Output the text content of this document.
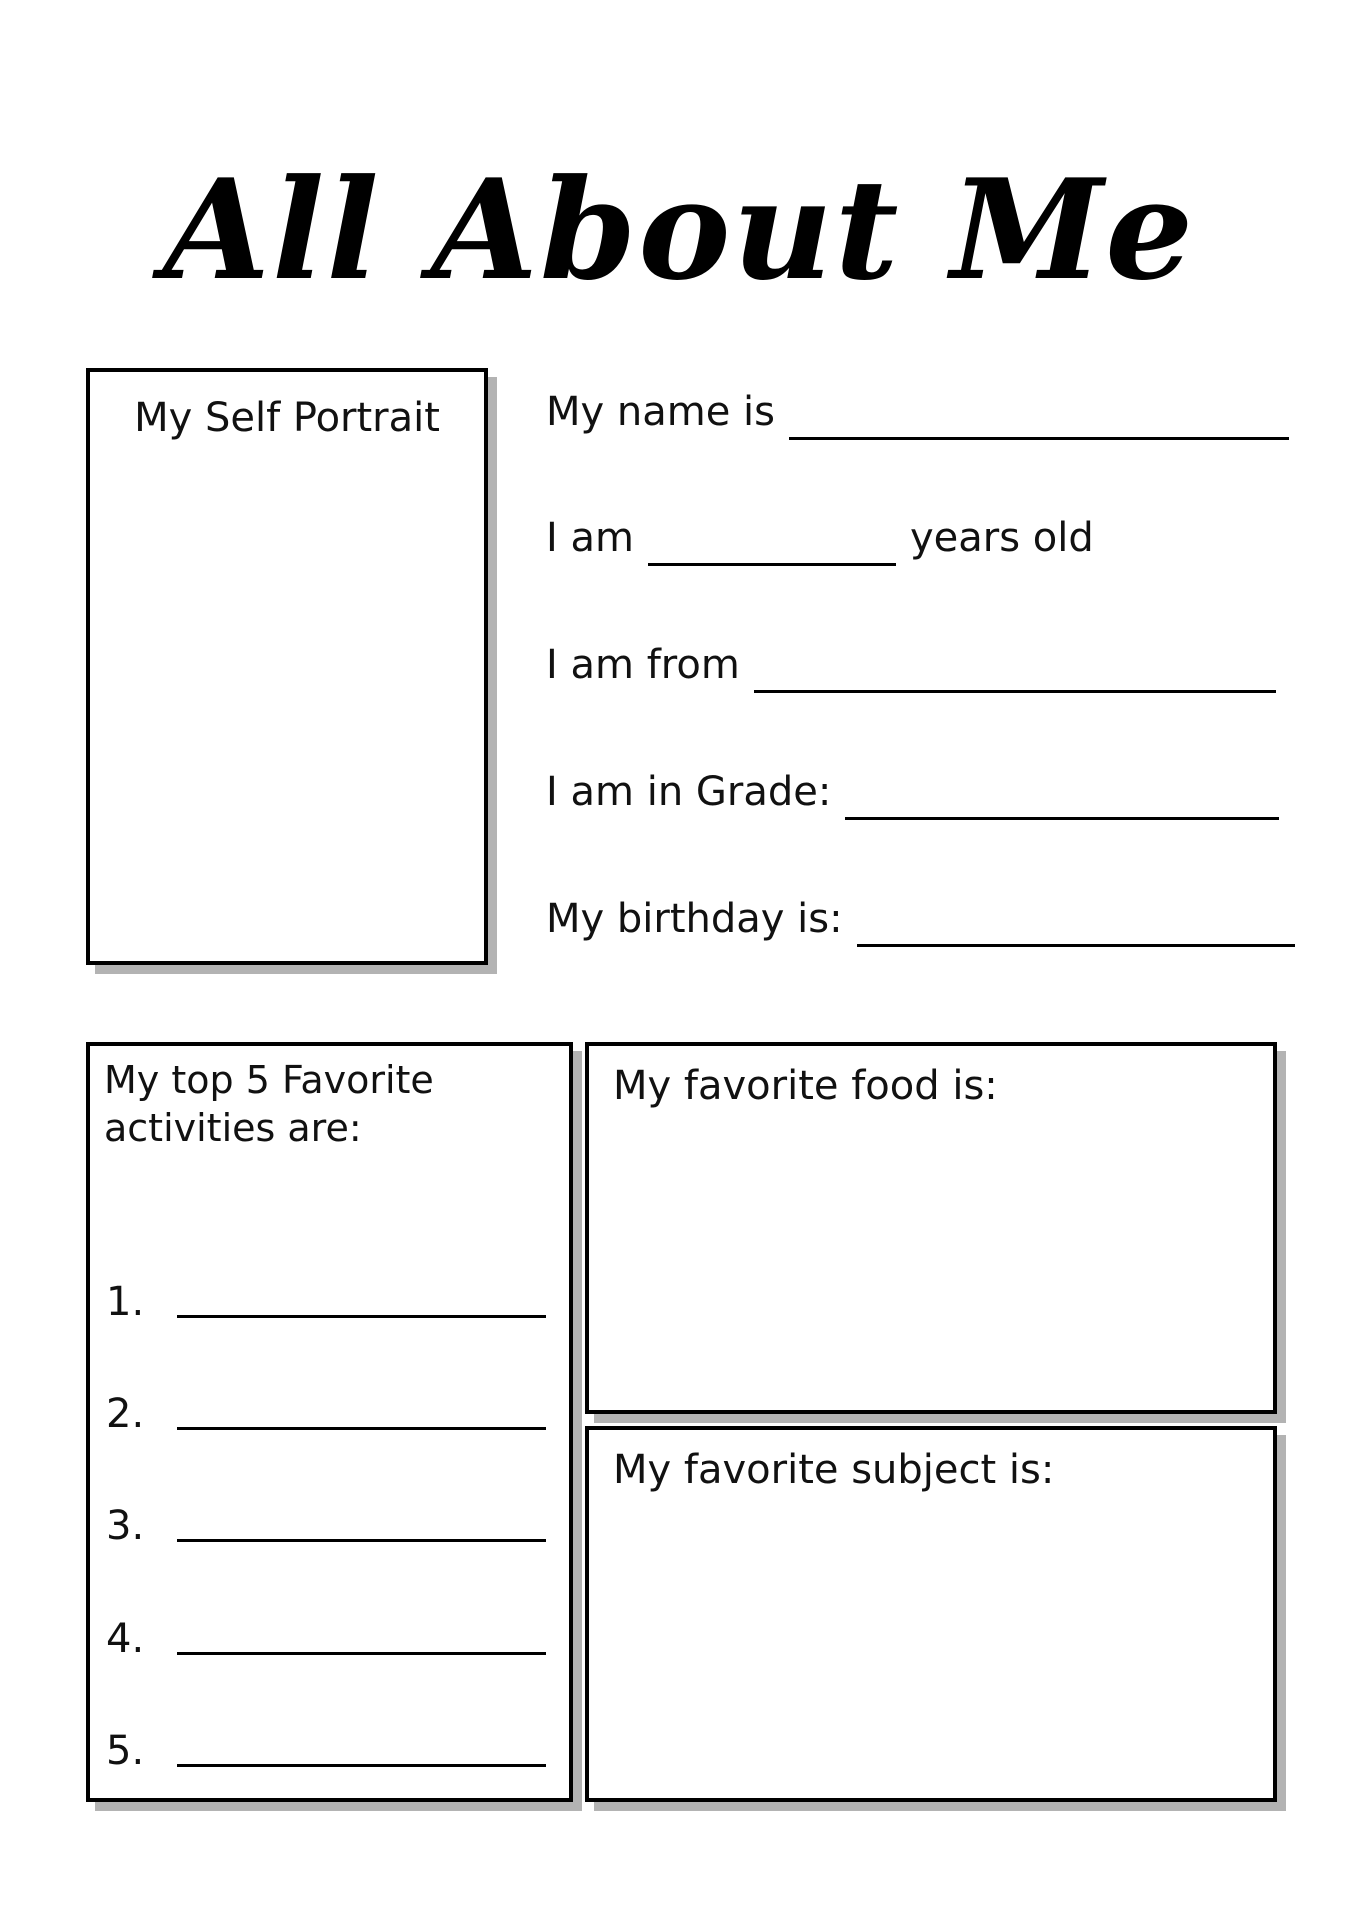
All About Me
My Self Portrait	My name is
I am	years old
I am from
I am in Grade:
My birthday is:
My top 5 Favorite activities are:
1.
2.
3.
4.
5.
My favorite food is:
My favorite subject is:
